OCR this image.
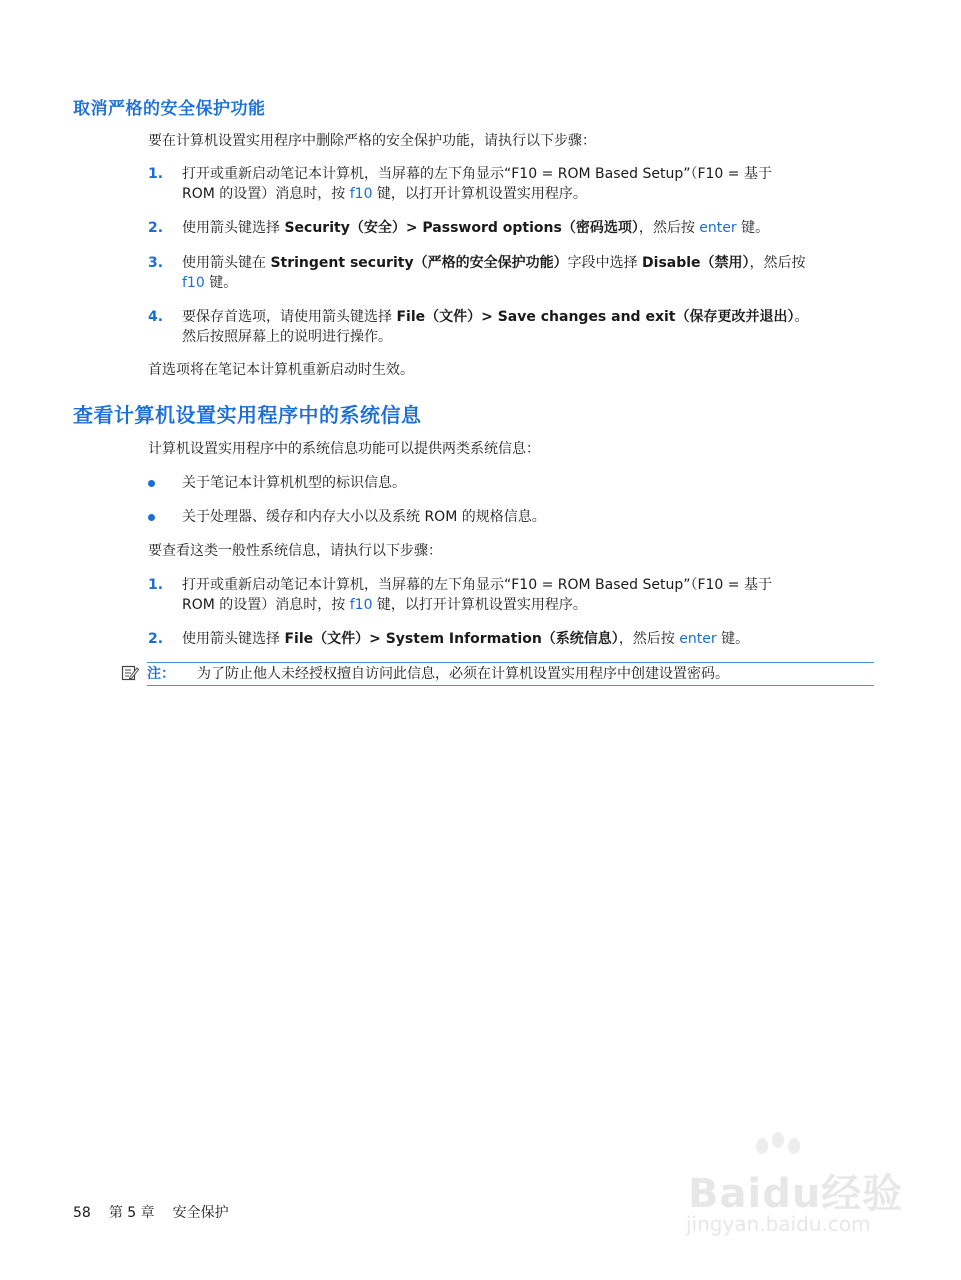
取消严格的安全保护功能
要在计算机设置实用程序中删除严格的安全保护功能，请执行以下步骤：
1. 打开或重新启动笔记本计算机，当屏幕的左下角显示“F10 = ROM Based Setup”（F10 = 基于
ROM 的设置）消息时，按 f10 键，以打开计算机设置实用程序。
2. 使用箭头键选择 Security（安全）> Password options（密码选项），然后按 enter 键。
3. 使用箭头键在 Stringent security（严格的安全保护功能）字段中选择 Disable（禁用），然后按
f10 键。
4. 要保存首选项，请使用箭头键选择 File（文件）> Save changes and exit（保存更改并退出）。
然后按照屏幕上的说明进行操作。
首选项将在笔记本计算机重新启动时生效。
查看计算机设置实用程序中的系统信息
计算机设置实用程序中的系统信息功能可以提供两类系统信息：
关于笔记本计算机机型的标识信息。
关于处理器、缓存和内存大小以及系统 ROM 的规格信息。
要查看这类一般性系统信息，请执行以下步骤：
1. 打开或重新启动笔记本计算机，当屏幕的左下角显示“F10 = ROM Based Setup”（F10 = 基于
ROM 的设置）消息时，按 f10 键，以打开计算机设置实用程序。
2. 使用箭头键选择 File（文件）> System Information（系统信息），然后按 enter 键。
注： 为了防止他人未经授权擅自访问此信息，必须在计算机设置实用程序中创建设置密码。
58 第 5 章 安全保护	Baidu经验
jingyan.baidu.com
